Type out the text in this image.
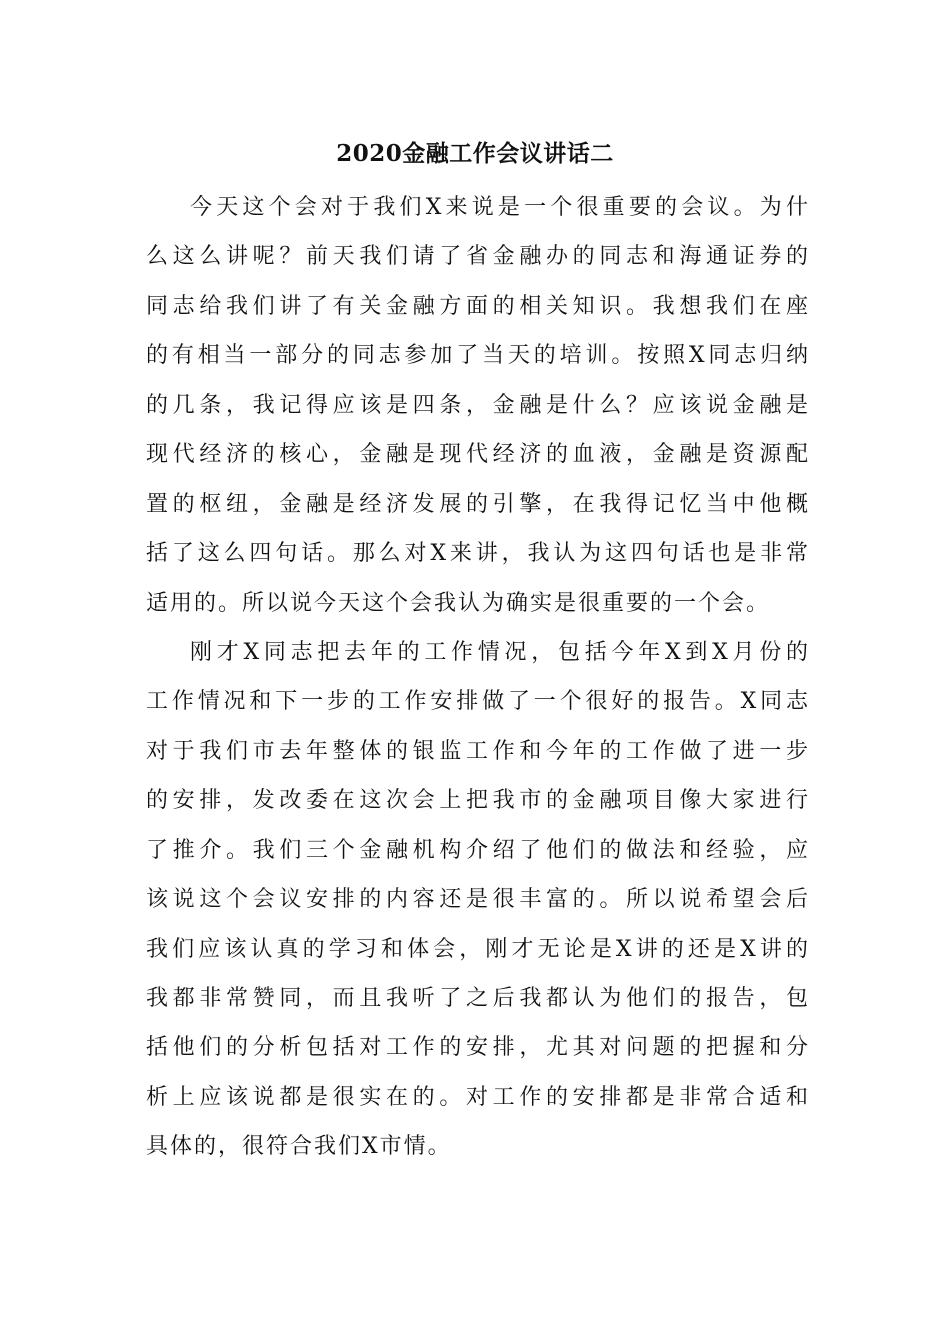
2020金融工作会议讲话二
今天这个会对于我们X来说是一个很重要的会议。为什
么这么讲呢？前天我们请了省金融办的同志和海通证券的
同志给我们讲了有关金融方面的相关知识。我想我们在座
的有相当一部分的同志参加了当天的培训。按照X同志归纳
的几条，我记得应该是四条，金融是什么？应该说金融是
现代经济的核心，金融是现代经济的血液，金融是资源配
置的枢纽，金融是经济发展的引擎，在我得记忆当中他概
括了这么四句话。那么对X来讲，我认为这四句话也是非常
适用的。所以说今天这个会我认为确实是很重要的一个会。
刚才X同志把去年的工作情况，包括今年X到X月份的
工作情况和下一步的工作安排做了一个很好的报告。X同志
对于我们市去年整体的银监工作和今年的工作做了进一步
的安排，发改委在这次会上把我市的金融项目像大家进行
了推介。我们三个金融机构介绍了他们的做法和经验，应
该说这个会议安排的内容还是很丰富的。所以说希望会后
我们应该认真的学习和体会，刚才无论是X讲的还是X讲的
我都非常赞同，而且我听了之后我都认为他们的报告，包
括他们的分析包括对工作的安排，尤其对问题的把握和分
析上应该说都是很实在的。对工作的安排都是非常合适和
具体的，很符合我们X市情。
